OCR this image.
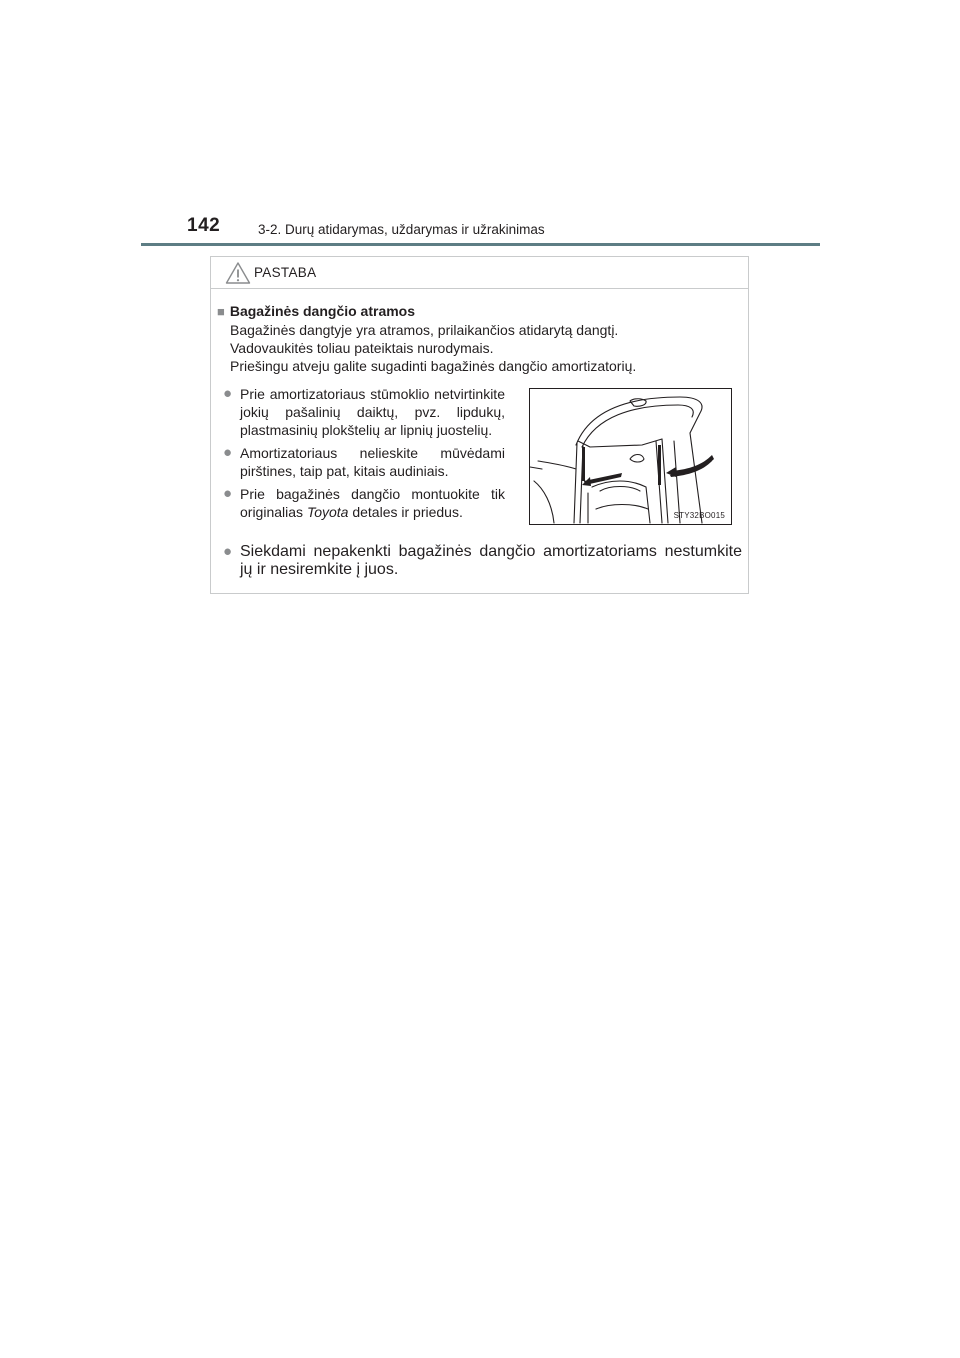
142	3-2. Durų atidarymas, uždarymas ir užrakinimas
PASTABA
■ Bagažinės dangčio atramos
Bagažinės dangtyje yra atramos, prilaikančios atidarytą dangtį.
Vadovaukitės toliau pateiktais nurodymais.
Priešingu atveju galite sugadinti bagažinės dangčio amortizatorių.
● Prie amortizatoriaus stūmoklio netvirtinkite jokių pašalinių daiktų, pvz. lipdukų, plastmasinių plokštelių ar lipnių juostelių.
● Amortizatoriaus nelieskite mūvėdami pirštines, taip pat, kitais audiniais.
● Prie bagažinės dangčio montuokite tik originalias Toyota detales ir priedus.
● Siekdami nepakenkti bagažinės dangčio amortizatoriams nestumkite jų ir nesiremkite į juos.
STY32BO015
